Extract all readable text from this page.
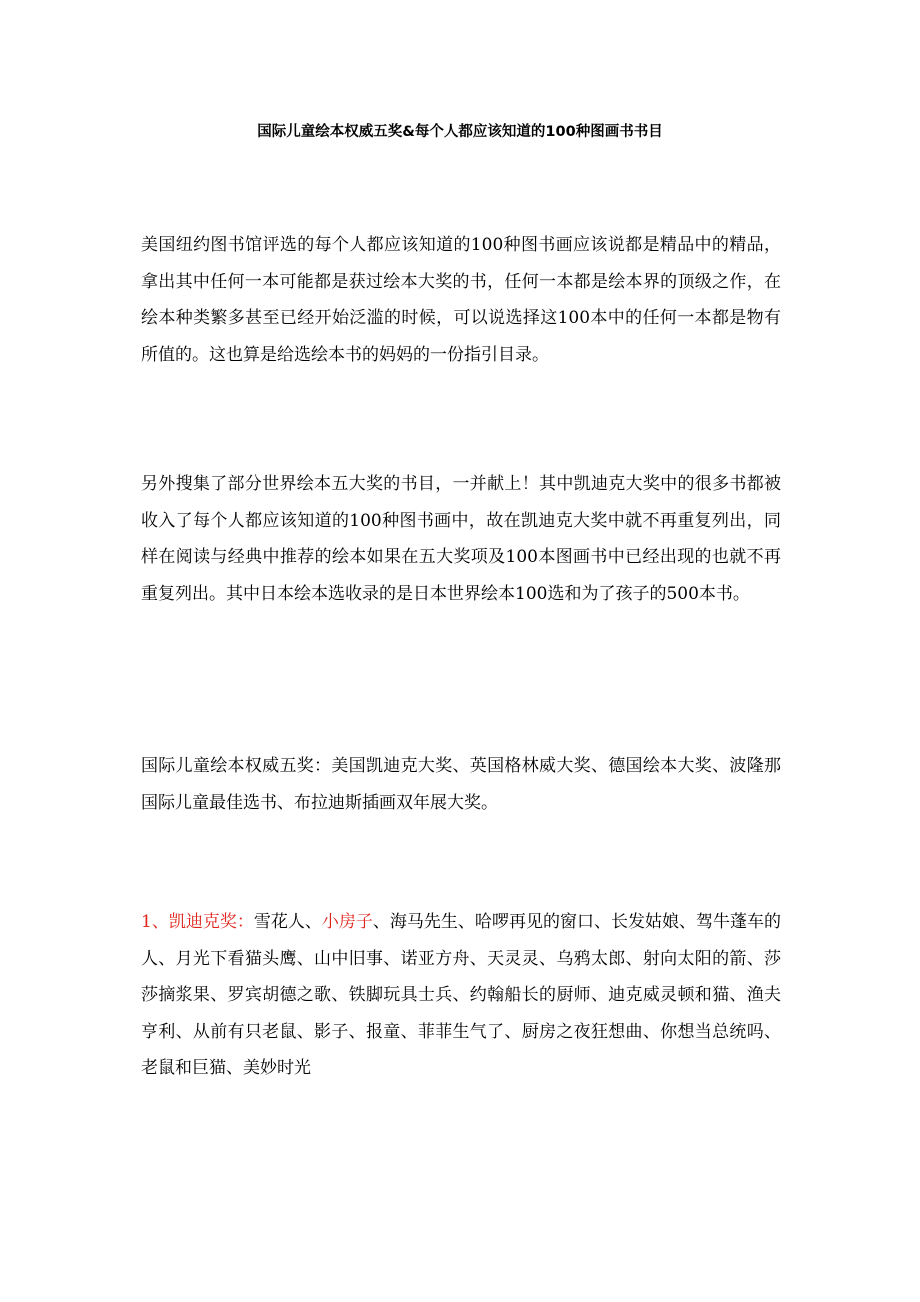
国际儿童绘本权威五奖&每个人都应该知道的100种图画书书目

美国纽约图书馆评选的每个人都应该知道的100种图书画应该说都是精品中的精品，拿出其中任何一本可能都是获过绘本大奖的书，任何一本都是绘本界的顶级之作，在绘本种类繁多甚至已经开始泛滥的时候，可以说选择这100本中的任何一本都是物有所值的。这也算是给选绘本书的妈妈的一份指引目录。

另外搜集了部分世界绘本五大奖的书目，一并献上！其中凯迪克大奖中的很多书都被收入了每个人都应该知道的100种图书画中，故在凯迪克大奖中就不再重复列出，同样在阅读与经典中推荐的绘本如果在五大奖项及100本图画书中已经出现的也就不再重复列出。其中日本绘本选收录的是日本世界绘本100选和为了孩子的500本书。

国际儿童绘本权威五奖：美国凯迪克大奖、英国格林威大奖、德国绘本大奖、波隆那国际儿童最佳选书、布拉迪斯插画双年展大奖。

1、凯迪克奖：雪花人、小房子、海马先生、哈啰再见的窗口、长发姑娘、驾牛蓬车的人、月光下看猫头鹰、山中旧事、诺亚方舟、天灵灵、乌鸦太郎、射向太阳的箭、莎莎摘浆果、罗宾胡德之歌、铁脚玩具士兵、约翰船长的厨师、迪克威灵顿和猫、渔夫亨利、从前有只老鼠、影子、报童、菲菲生气了、厨房之夜狂想曲、你想当总统吗、老鼠和巨猫、美妙时光
